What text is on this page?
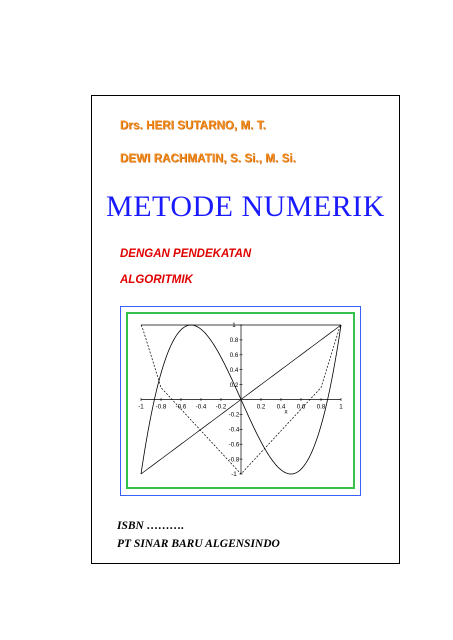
Drs. HERI SUTARNO, M. T.
DEWI RACHMATIN, S. Si., M. Si.
METODE NUMERIK
DENGAN PENDEKATAN
ALGORITMIK
-1 -0.8 -0.6 -0.4 -0.2	0.2 0.4 0.6 0.8 1
1
0.8
0.6
0.4
0.2
-0.2
-0.4
-0.6
-0.8
-1
x
ISBN ……….
PT SINAR BARU ALGENSINDO
